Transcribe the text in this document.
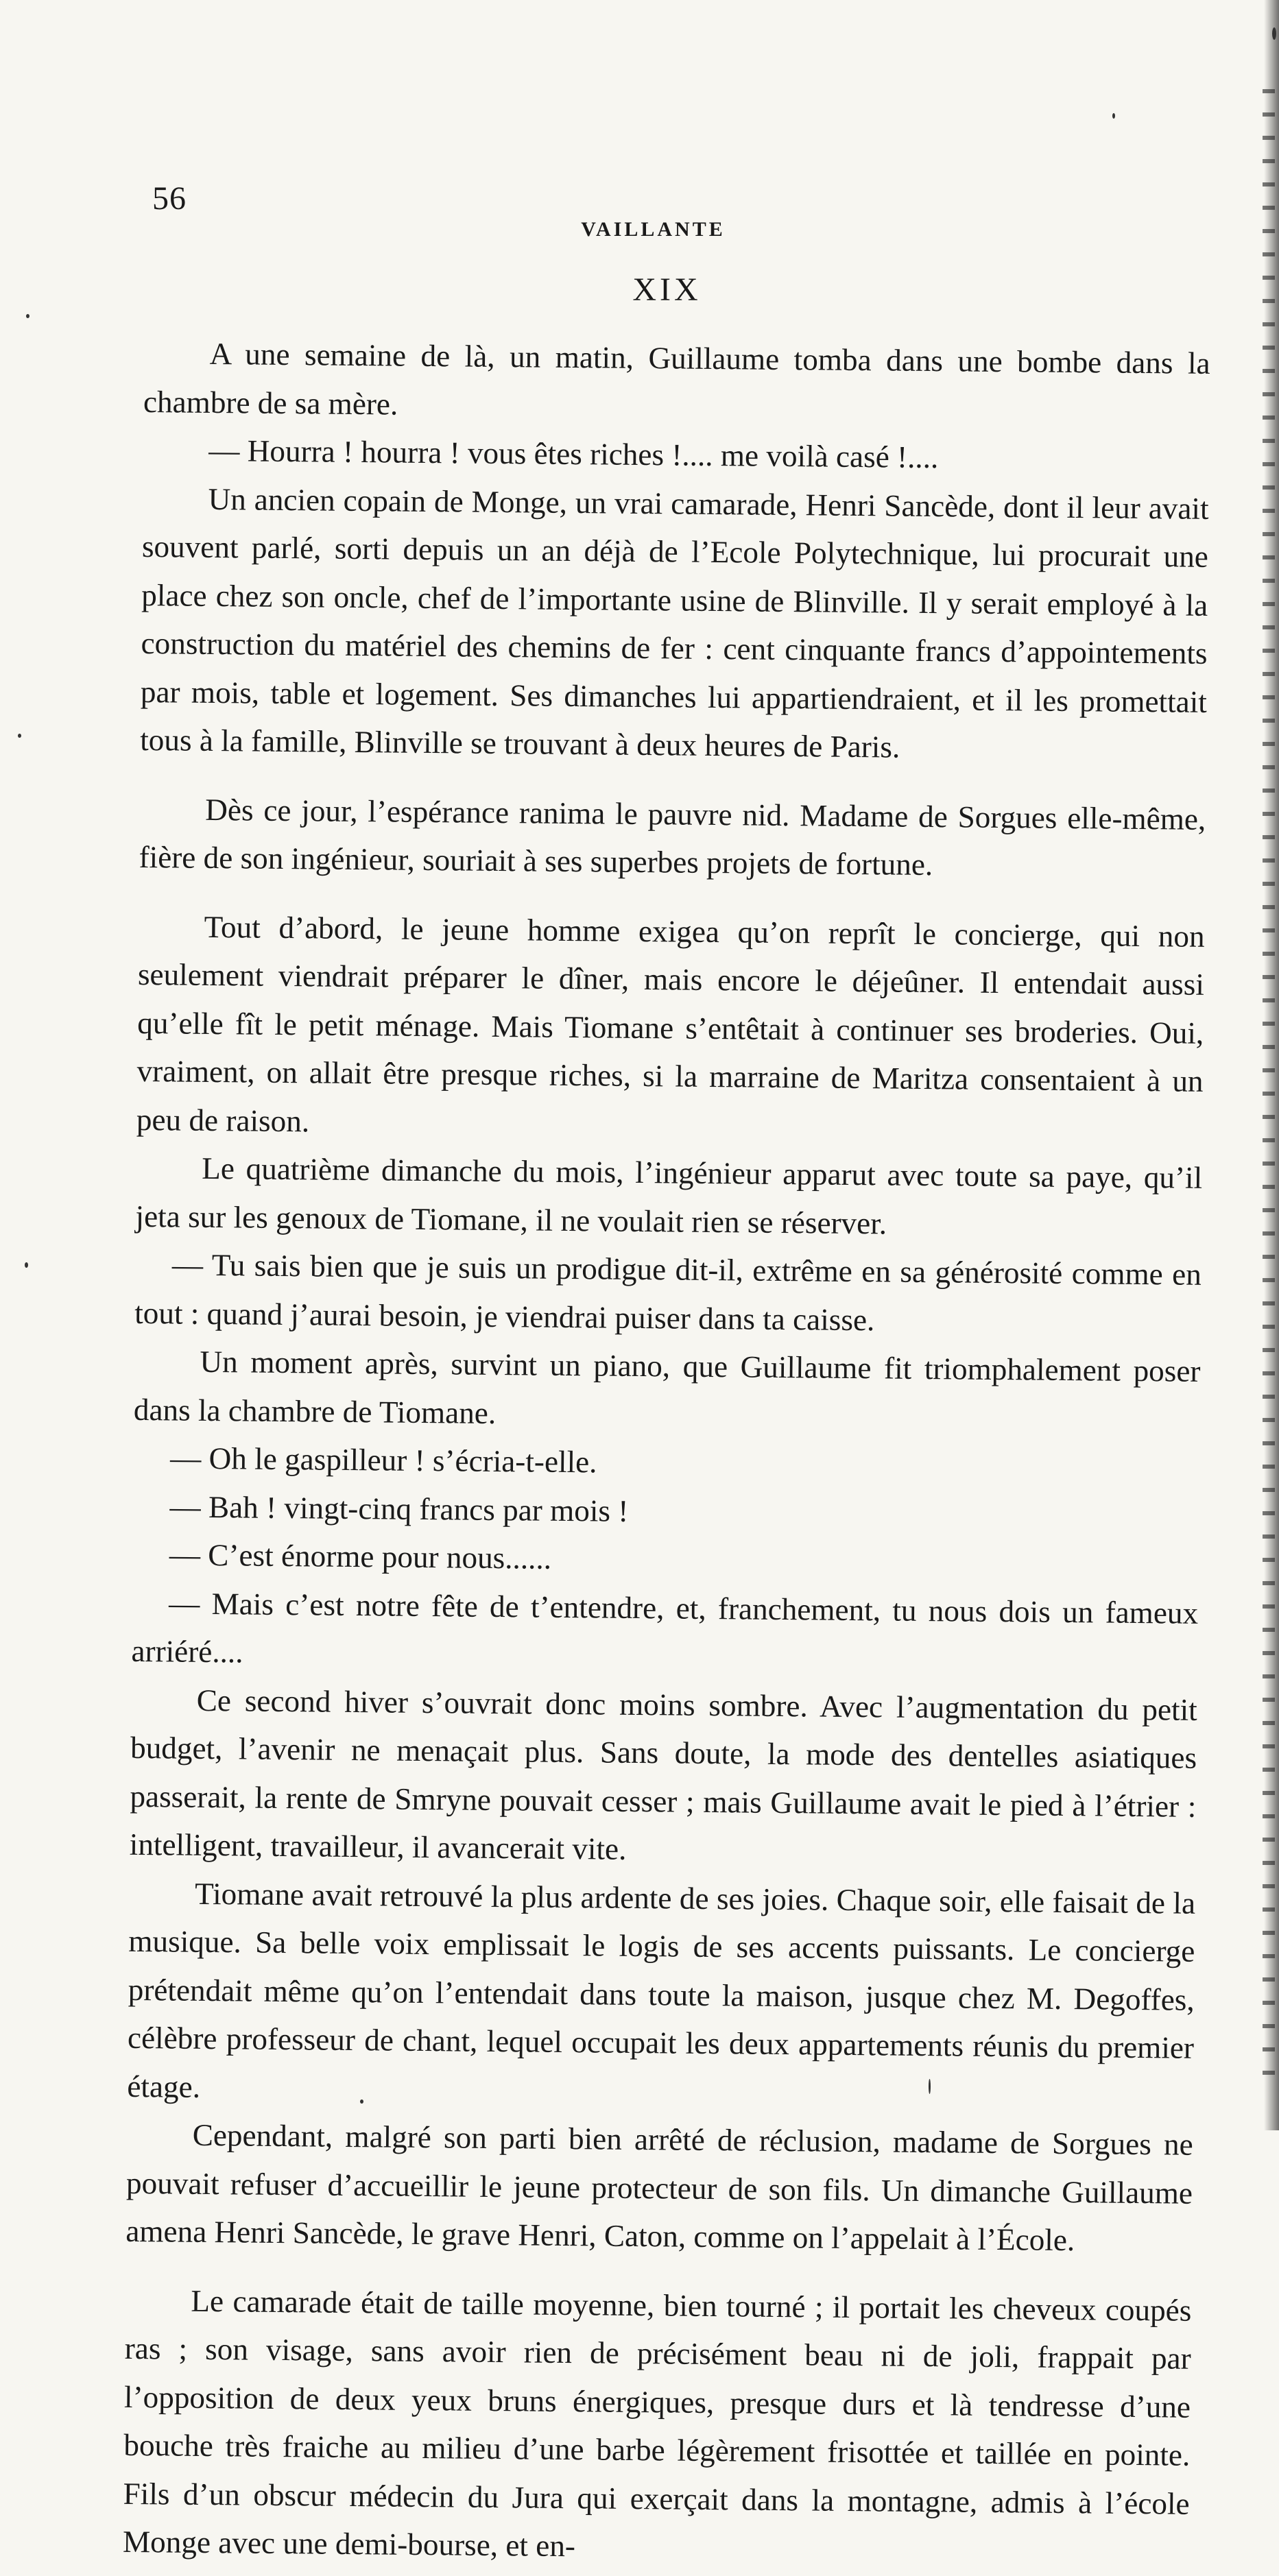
56
VAILLANTE
XIX

A une semaine de là, un matin, Guillaume tomba dans une bombe dans la chambre de sa mère.

— Hourra ! hourra ! vous êtes riches !.... me voilà casé !....

Un ancien copain de Monge, un vrai camarade, Henri Sancède, dont il leur avait souvent parlé, sorti depuis un an déjà de l’Ecole Polytechnique, lui procurait une place chez son oncle, chef de l’importante usine de Blinville. Il y serait employé à la construction du matériel des chemins de fer : cent cinquante francs d’appointements par mois, table et logement. Ses dimanches lui appartiendraient, et il les promettait tous à la famille, Blinville se trouvant à deux heures de Paris.

Dès ce jour, l’espérance ranima le pauvre nid. Madame de Sorgues elle-même, fière de son ingénieur, souriait à ses superbes projets de fortune.

Tout d’abord, le jeune homme exigea qu’on reprît le concierge, qui non seulement viendrait préparer le dîner, mais encore le déjeûner. Il entendait aussi qu’elle fît le petit ménage. Mais Tiomane s’entêtait à continuer ses broderies. Oui, vraiment, on allait être presque riches, si la marraine de Maritza consentaient à un peu de raison.

Le quatrième dimanche du mois, l’ingénieur apparut avec toute sa paye, qu’il jeta sur les genoux de Tiomane, il ne voulait rien se réserver.

— Tu sais bien que je suis un prodigue dit-il, extrême en sa générosité comme en tout : quand j’aurai besoin, je viendrai puiser dans ta caisse.

Un moment après, survint un piano, que Guillaume fit triomphalement poser dans la chambre de Tiomane.

— Oh le gaspilleur ! s’écria-t-elle.

— Bah ! vingt-cinq francs par mois !

— C’est énorme pour nous......

— Mais c’est notre fête de t’entendre, et, franchement, tu nous dois un fameux arriéré....

Ce second hiver s’ouvrait donc moins sombre. Avec l’augmentation du petit budget, l’avenir ne menaçait plus. Sans doute, la mode des dentelles asiatiques passerait, la rente de Smryne pouvait cesser ; mais Guillaume avait le pied à l’étrier : intelligent, travailleur, il avancerait vite.

Tiomane avait retrouvé la plus ardente de ses joies. Chaque soir, elle faisait de la musique. Sa belle voix emplissait le logis de ses accents puissants. Le concierge prétendait même qu’on l’entendait dans toute la maison, jusque chez M. Degoffes, célèbre professeur de chant, lequel occupait les deux appartements réunis du premier étage.

Cependant, malgré son parti bien arrêté de réclusion, madame de Sorgues ne pouvait refuser d’accueillir le jeune protecteur de son fils. Un dimanche Guillaume amena Henri Sancède, le grave Henri, Caton, comme on l’appelait à l’École.

Le camarade était de taille moyenne, bien tourné ; il portait les cheveux coupés ras ; son visage, sans avoir rien de précisément beau ni de joli, frappait par l’opposition de deux yeux bruns énergiques, presque durs et là tendresse d’une bouche très fraiche au milieu d’une barbe légèrement frisottée et taillée en pointe. Fils d’un obscur médecin du Jura qui exerçait dans la montagne, admis à l’école Monge avec une demi-bourse, et en-
